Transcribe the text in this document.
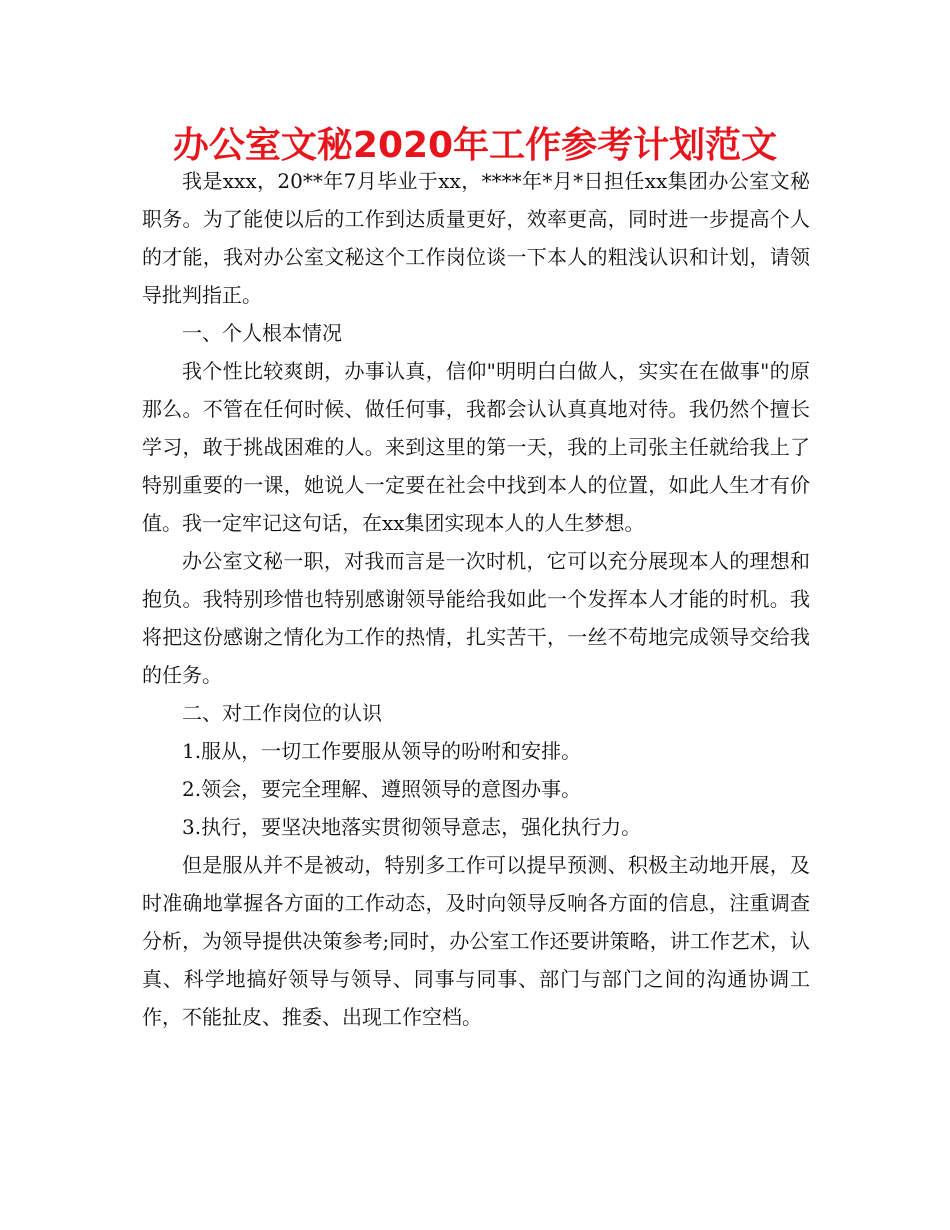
办公室文秘2020年工作参考计划范文

我是xxx，20**年7月毕业于xx，****年*月*日担任xx集团办公室文秘职务。为了能使以后的工作到达质量更好，效率更高，同时进一步提高个人的才能，我对办公室文秘这个工作岗位谈一下本人的粗浅认识和计划，请领导批判指正。

一、个人根本情况

我个性比较爽朗，办事认真，信仰"明明白白做人，实实在在做事"的原那么。不管在任何时候、做任何事，我都会认认真真地对待。我仍然个擅长学习，敢于挑战困难的人。来到这里的第一天，我的上司张主任就给我上了特别重要的一课，她说人一定要在社会中找到本人的位置，如此人生才有价值。我一定牢记这句话，在xx集团实现本人的人生梦想。

办公室文秘一职，对我而言是一次时机，它可以充分展现本人的理想和抱负。我特别珍惜也特别感谢领导能给我如此一个发挥本人才能的时机。我将把这份感谢之情化为工作的热情，扎实苦干，一丝不苟地完成领导交给我的任务。

二、对工作岗位的认识

1.服从，一切工作要服从领导的吩咐和安排。

2.领会，要完全理解、遵照领导的意图办事。

3.执行，要坚决地落实贯彻领导意志，强化执行力。

但是服从并不是被动，特别多工作可以提早预测、积极主动地开展，及时准确地掌握各方面的工作动态，及时向领导反响各方面的信息，注重调查分析，为领导提供决策参考;同时，办公室工作还要讲策略，讲工作艺术，认真、科学地搞好领导与领导、同事与同事、部门与部门之间的沟通协调工作，不能扯皮、推委、出现工作空档。
